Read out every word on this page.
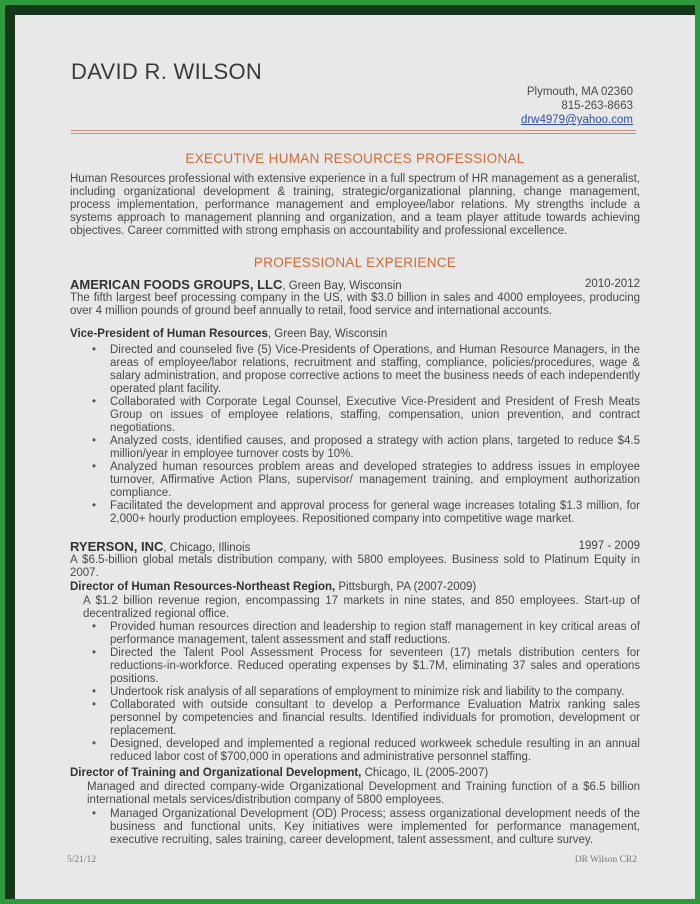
DAVID R. WILSON
Plymouth, MA 02360
815-263-8663
drw4979@yahoo.com
EXECUTIVE HUMAN RESOURCES PROFESSIONAL

Human Resources professional with extensive experience in a full spectrum of HR management as a generalist, including organizational development & training, strategic/organizational planning, change management, process implementation, performance management and employee/labor relations. My strengths include a systems approach to management planning and organization, and a team player attitude towards achieving objectives. Career committed with strong emphasis on accountability and professional excellence.

PROFESSIONAL EXPERIENCE
AMERICAN FOODS GROUPS, LLC, Green Bay, Wisconsin	2010-2012

The fifth largest beef processing company in the US, with $3.0 billion in sales and 4000 employees, producing over 4 million pounds of ground beef annually to retail, food service and international accounts.

Vice-President of Human Resources, Green Bay, Wisconsin
• Directed and counseled five (5) Vice-Presidents of Operations, and Human Resource Managers, in the areas of employee/labor relations, recruitment and staffing, compliance, policies/procedures, wage & salary administration, and propose corrective actions to meet the business needs of each independently operated plant facility.
• Collaborated with Corporate Legal Counsel, Executive Vice-President and President of Fresh Meats Group on issues of employee relations, staffing, compensation, union prevention, and contract negotiations.
• Analyzed costs, identified causes, and proposed a strategy with action plans, targeted to reduce $4.5 million/year in employee turnover costs by 10%.
• Analyzed human resources problem areas and developed strategies to address issues in employee turnover, Affirmative Action Plans, supervisor/ management training, and employment authorization compliance.
• Facilitated the development and approval process for general wage increases totaling $1.3 million, for 2,000+ hourly production employees. Repositioned company into competitive wage market.
RYERSON, INC, Chicago, Illinois	1997 - 2009

A $6.5-billion global metals distribution company, with 5800 employees. Business sold to Platinum Equity in 2007.

Director of Human Resources-Northeast Region, Pittsburgh, PA (2007-2009)

A $1.2 billion revenue region, encompassing 17 markets in nine states, and 850 employees. Start-up of decentralized regional office.

• Provided human resources direction and leadership to region staff management in key critical areas of performance management, talent assessment and staff reductions.
• Directed the Talent Pool Assessment Process for seventeen (17) metals distribution centers for reductions-in-workforce. Reduced operating expenses by $1.7M, eliminating 37 sales and operations positions.
• Undertook risk analysis of all separations of employment to minimize risk and liability to the company.
• Collaborated with outside consultant to develop a Performance Evaluation Matrix ranking sales personnel by competencies and financial results. Identified individuals for promotion, development or replacement.
• Designed, developed and implemented a regional reduced workweek schedule resulting in an annual reduced labor cost of $700,000 in operations and administrative personnel staffing.
Director of Training and Organizational Development, Chicago, IL (2005-2007)

Managed and directed company-wide Organizational Development and Training function of a $6.5 billion international metals services/distribution company of 5800 employees.

• Managed Organizational Development (OD) Process; assess organizational development needs of the business and functional units. Key initiatives were implemented for performance management, executive recruiting, sales training, career development, talent assessment, and culture survey.
5/21/12	DR Wilson CR2
